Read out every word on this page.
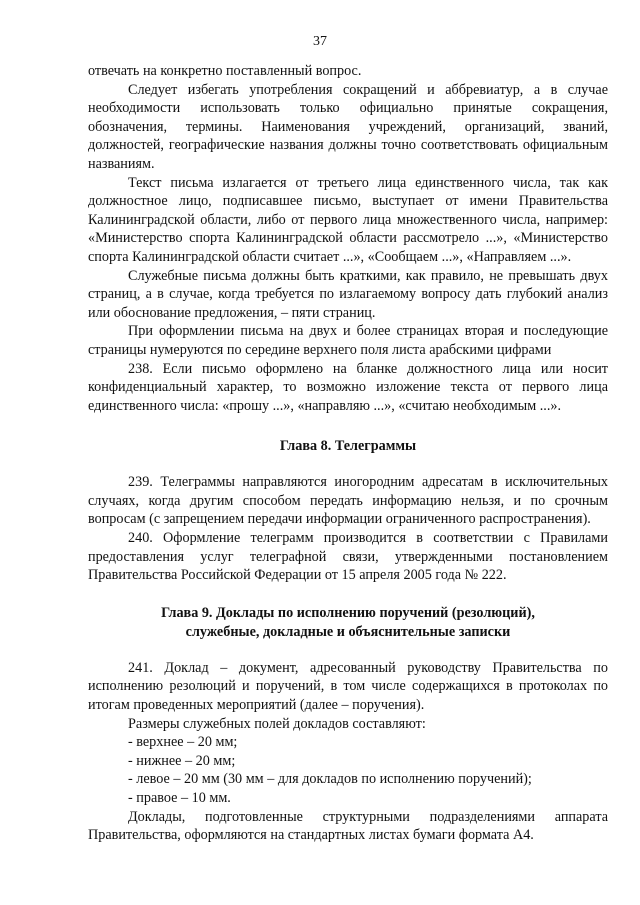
37

отвечать на конкретно поставленный вопрос.

Следует избегать употребления сокращений и аббревиатур, а в случае необходимости использовать только официально принятые сокращения, обозначения, термины. Наименования учреждений, организаций, званий, должностей, географические названия должны точно соответствовать официальным названиям.

Текст письма излагается от третьего лица единственного числа, так как должностное лицо, подписавшее письмо, выступает от имени Правительства Калининградской области, либо от первого лица множественного числа, например: «Министерство спорта Калининградской области рассмотрело ...», «Министерство спорта Калининградской области считает ...», «Сообщаем ...», «Направляем ...».

Служебные письма должны быть краткими, как правило, не превышать двух страниц, а в случае, когда требуется по излагаемому вопросу дать глубокий анализ или обоснование предложения, – пяти страниц.

При оформлении письма на двух и более страницах вторая и последующие страницы нумеруются по середине верхнего поля листа арабскими цифрами

238. Если письмо оформлено на бланке должностного лица или носит конфиденциальный характер, то возможно изложение текста от первого лица единственного числа: «прошу ...», «направляю ...», «считаю необходимым ...».

Глава 8. Телеграммы

239. Телеграммы направляются иногородним адресатам в исключительных случаях, когда другим способом передать информацию нельзя, и по срочным вопросам (с запрещением передачи информации ограниченного распространения).

240. Оформление телеграмм производится в соответствии с Правилами предоставления услуг телеграфной связи, утвержденными постановлением Правительства Российской Федерации от 15 апреля 2005 года № 222.

Глава 9. Доклады по исполнению поручений (резолюций),
служебные, докладные и объяснительные записки

241. Доклад – документ, адресованный руководству Правительства по исполнению резолюций и поручений, в том числе содержащихся в протоколах по итогам проведенных мероприятий (далее – поручения).

Размеры служебных полей докладов составляют:

- верхнее – 20 мм;

- нижнее – 20 мм;

- левое – 20 мм (30 мм – для докладов по исполнению поручений);

- правое – 10 мм.

Доклады, подготовленные структурными подразделениями аппарата Правительства, оформляются на стандартных листах бумаги формата А4.
